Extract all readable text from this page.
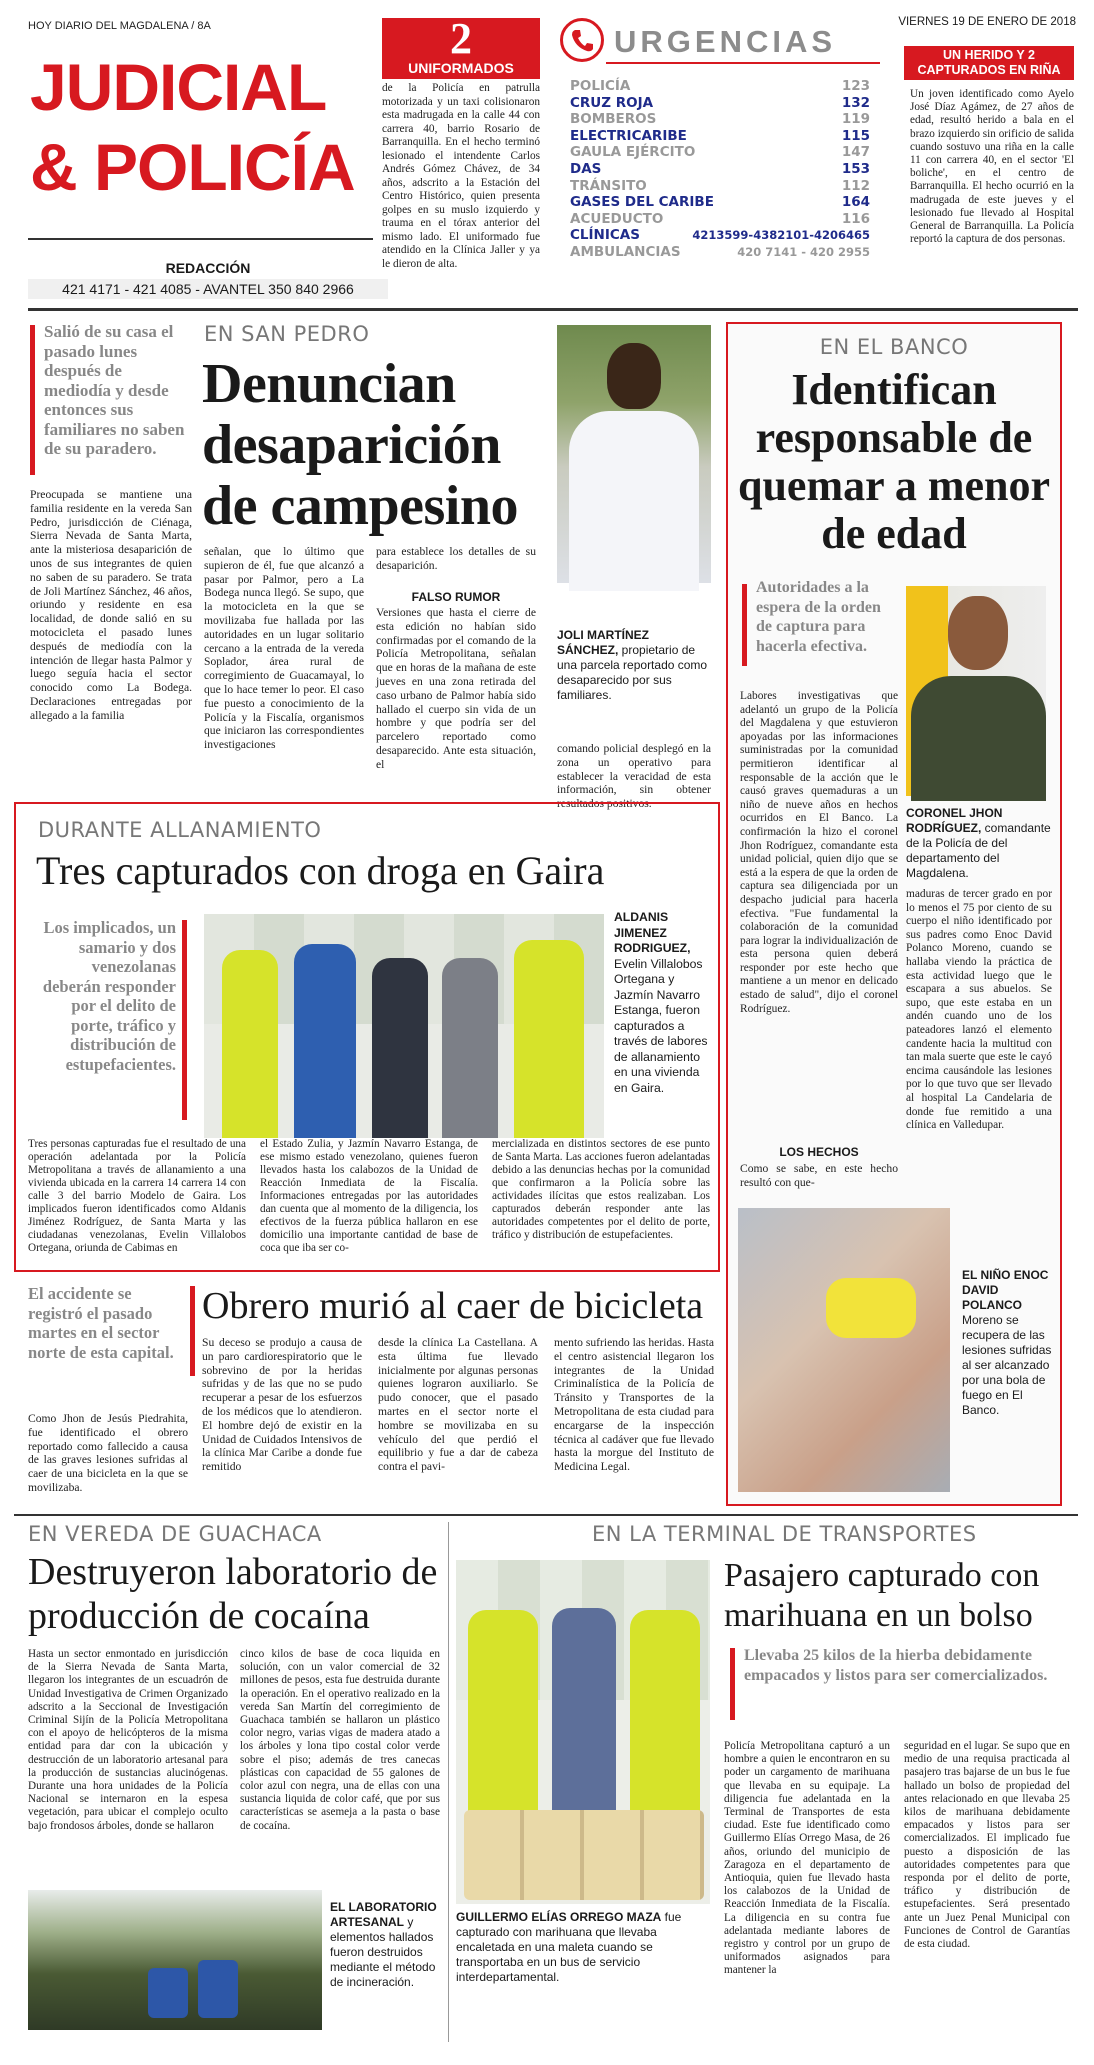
HOY DIARIO DEL MAGDALENA / 8A
JUDICIAL
& POLICÍA
REDACCIÓN
421 4171 - 421 4085 - AVANTEL 350 840 2966
2
UNIFORMADOS
de la Policía en patrulla motorizada y un taxi colisionaron esta madrugada en la calle 44 con carrera 40, barrio Rosario de Barranquilla. En el hecho terminó lesionado el intendente Carlos Andrés Gómez Chávez, de 34 años, adscrito a la Estación del Centro Histórico, quien presenta golpes en su muslo izquierdo y trauma en el tórax anterior del mismo lado. El uniformado fue atendido en la Clínica Jaller y ya le dieron de alta.
URGENCIAS
POLICÍA	123
CRUZ ROJA	132
BOMBEROS	119
ELECTRICARIBE	115
GAULA EJÉRCITO	147
DAS	153
TRÁNSITO	112
GASES DEL CARIBE	164
ACUEDUCTO	116
CLÍNICAS	4213599-4382101-4206465
AMBULANCIAS	420 7141 - 420 2955
VIERNES 19 DE ENERO DE 2018
UN HERIDO Y 2 CAPTURADOS EN RIÑA
Un joven identificado como Ayelo José Díaz Agámez, de 27 años de edad, resultó herido a bala en el brazo izquierdo sin orificio de salida cuando sostuvo una riña en la calle 11 con carrera 40, en el sector 'El boliche', en el centro de Barranquilla. El hecho ocurrió en la madrugada de este jueves y el lesionado fue llevado al Hospital General de Barranquilla. La Policía reportó la captura de dos personas.
Salió de su casa el pasado lunes después de mediodía y desde entonces sus familiares no saben de su paradero.
Preocupada se mantiene una familia residente en la vereda San Pedro, jurisdicción de Ciénaga, Sierra Nevada de Santa Marta, ante la misteriosa desaparición de unos de sus integrantes de quien no saben de su paradero. Se trata de Joli Martínez Sánchez, 46 años, oriundo y residente en esa localidad, de donde salió en su motocicleta el pasado lunes después de mediodía con la intención de llegar hasta Palmor y luego seguía hacia el sector conocido como La Bodega. Declaraciones entregadas por allegado a la familia
EN SAN PEDRO
Denuncian desaparición de campesino
señalan, que lo último que supieron de él, fue que alcanzó a pasar por Palmor, pero a La Bodega nunca llegó. Se supo, que la motocicleta en la que se movilizaba fue hallada por las autoridades en un lugar solitario cercano a la entrada de la vereda Soplador, área rural de corregimiento de Guacamayal, lo que lo hace temer lo peor. El caso fue puesto a conocimiento de la Policía y la Fiscalía, organismos que iniciaron las correspondientes investigaciones
para establece los detalles de su desaparición.
FALSO RUMOR
Versiones que hasta el cierre de esta edición no habían sido confirmadas por el comando de la Policía Metropolitana, señalan que en horas de la mañana de este jueves en una zona retirada del caso urbano de Palmor había sido hallado el cuerpo sin vida de un hombre y que podría ser del parcelero reportado como desaparecido. Ante esta situación, el
JOLI MARTÍNEZ SÁNCHEZ, propietario de una parcela reportado como desaparecido por sus familiares.
comando policial desplegó en la zona un operativo para establecer la veracidad de esta información, sin obtener resultados positivos.
EN EL BANCO
Identifican responsable de quemar a menor de edad
Autoridades a la espera de la orden de captura para hacerla efectiva.
Labores investigativas que adelantó un grupo de la Policía del Magdalena y que estuvieron apoyadas por las informaciones suministradas por la comunidad permitieron identificar al responsable de la acción que le causó graves quemaduras a un niño de nueve años en hechos ocurridos en El Banco. La confirmación la hizo el coronel Jhon Rodríguez, comandante esta unidad policial, quien dijo que se está a la espera de que la orden de captura sea diligenciada por un despacho judicial para hacerla efectiva. "Fue fundamental la colaboración de la comunidad para lograr la individualización de esta persona quien deberá responder por este hecho que mantiene a un menor en delicado estado de salud", dijo el coronel Rodríguez.
LOS HECHOS
Como se sabe, en este hecho resultó con que-
CORONEL JHON RODRÍGUEZ, comandante de la Policía de del departamento del Magdalena.
maduras de tercer grado en por lo menos el 75 por ciento de su cuerpo el niño identificado por sus padres como Enoc David Polanco Moreno, cuando se hallaba viendo la práctica de esta actividad luego que le escapara a sus abuelos. Se supo, que este estaba en un andén cuando uno de los pateadores lanzó el elemento candente hacia la multitud con tan mala suerte que este le cayó encima causándole las lesiones por lo que tuvo que ser llevado al hospital La Candelaria de donde fue remitido a una clínica en Valledupar.
EL NIÑO ENOC DAVID POLANCO Moreno se recupera de las lesiones sufridas al ser alcanzado por una bola de fuego en El Banco.
DURANTE ALLANAMIENTO
Tres capturados con droga en Gaira
Los implicados, un samario y dos venezolanas deberán responder por el delito de porte, tráfico y distribución de estupefacientes.
ALDANIS JIMENEZ RODRIGUEZ, Evelin Villalobos Ortegana y Jazmín Navarro Estanga, fueron capturados a través de labores de allanamiento en una vivienda en Gaira.
Tres personas capturadas fue el resultado de una operación adelantada por la Policía Metropolitana a través de allanamiento a una vivienda ubicada en la carrera 14 carrera 14 con calle 3 del barrio Modelo de Gaira. Los implicados fueron identificados como Aldanis Jiménez Rodríguez, de Santa Marta y las ciudadanas venezolanas, Evelin Villalobos Ortegana, oriunda de Cabimas en
el Estado Zulia, y Jazmín Navarro Estanga, de ese mismo estado venezolano, quienes fueron llevados hasta los calabozos de la Unidad de Reacción Inmediata de la Fiscalía. Informaciones entregadas por las autoridades dan cuenta que al momento de la diligencia, los efectivos de la fuerza pública hallaron en ese domicilio una importante cantidad de base de coca que iba ser co-
mercializada en distintos sectores de ese punto de Santa Marta. Las acciones fueron adelantadas debido a las denuncias hechas por la comunidad que confirmaron a la Policía sobre las actividades ilícitas que estos realizaban. Los capturados deberán responder ante las autoridades competentes por el delito de porte, tráfico y distribución de estupefacientes.
El accidente se registró el pasado martes en el sector norte de esta capital.
Como Jhon de Jesús Piedrahita, fue identificado el obrero reportado como fallecido a causa de las graves lesiones sufridas al caer de una bicicleta en la que se movilizaba.
Obrero murió al caer de bicicleta
Su deceso se produjo a causa de un paro cardiorespiratorio que le sobrevino de por la heridas sufridas y de las que no se pudo recuperar a pesar de los esfuerzos de los médicos que lo atendieron. El hombre dejó de existir en la Unidad de Cuidados Intensivos de la clínica Mar Caribe a donde fue remitido
desde la clínica La Castellana. A esta última fue llevado inicialmente por algunas personas quienes lograron auxiliarlo. Se pudo conocer, que el pasado martes en el sector norte el hombre se movilizaba en su vehículo del que perdió el equilibrio y fue a dar de cabeza contra el pavi-
mento sufriendo las heridas. Hasta el centro asistencial llegaron los integrantes de la Unidad Criminalística de la Policía de Tránsito y Transportes de la Metropolitana de esta ciudad para encargarse de la inspección técnica al cadáver que fue llevado hasta la morgue del Instituto de Medicina Legal.
EN VEREDA DE GUACHACA
Destruyeron laboratorio de producción de cocaína
Hasta un sector enmontado en jurisdicción de la Sierra Nevada de Santa Marta, llegaron los integrantes de un escuadrón de Unidad Investigativa de Crimen Organizado adscrito a la Seccional de Investigación Criminal Sijín de la Policía Metropolitana con el apoyo de helicópteros de la misma entidad para dar con la ubicación y destrucción de un laboratorio artesanal para la producción de sustancias alucinógenas. Durante una hora unidades de la Policía Nacional se internaron en la espesa vegetación, para ubicar el complejo oculto bajo frondosos árboles, donde se hallaron
cinco kilos de base de coca liquida en solución, con un valor comercial de 32 millones de pesos, esta fue destruida durante la operación. En el operativo realizado en la vereda San Martín del corregimiento de Guachaca también se hallaron un plástico color negro, varias vigas de madera atado a los árboles y lona tipo costal color verde sobre el piso; además de tres canecas plásticas con capacidad de 55 galones de color azul con negra, una de ellas con una sustancia liquida de color café, que por sus características se asemeja a la pasta o base de cocaína.
EL LABORATORIO ARTESANAL y elementos hallados fueron destruidos mediante el método de incineración.
EN LA TERMINAL DE TRANSPORTES
GUILLERMO ELÍAS ORREGO MAZA fue capturado con marihuana que llevaba encaletada en una maleta cuando se transportaba en un bus de servicio interdepartamental.
Pasajero capturado con marihuana en un bolso
Llevaba 25 kilos de la hierba debidamente empacados y listos para ser comercializados.
Policía Metropolitana capturó a un hombre a quien le encontraron en su poder un cargamento de marihuana que llevaba en su equipaje. La diligencia fue adelantada en la Terminal de Transportes de esta ciudad. Este fue identificado como Guillermo Elías Orrego Masa, de 26 años, oriundo del municipio de Zaragoza en el departamento de Antioquia, quien fue llevado hasta los calabozos de la Unidad de Reacción Inmediata de la Fiscalía. La diligencia en su contra fue adelantada mediante labores de registro y control por un grupo de uniformados asignados para mantener la
seguridad en el lugar. Se supo que en medio de una requisa practicada al pasajero tras bajarse de un bus le fue hallado un bolso de propiedad del antes relacionado en que llevaba 25 kilos de marihuana debidamente empacados y listos para ser comercializados. El implicado fue puesto a disposición de las autoridades competentes para que responda por el delito de porte, tráfico y distribución de estupefacientes. Será presentado ante un Juez Penal Municipal con Funciones de Control de Garantías de esta ciudad.
